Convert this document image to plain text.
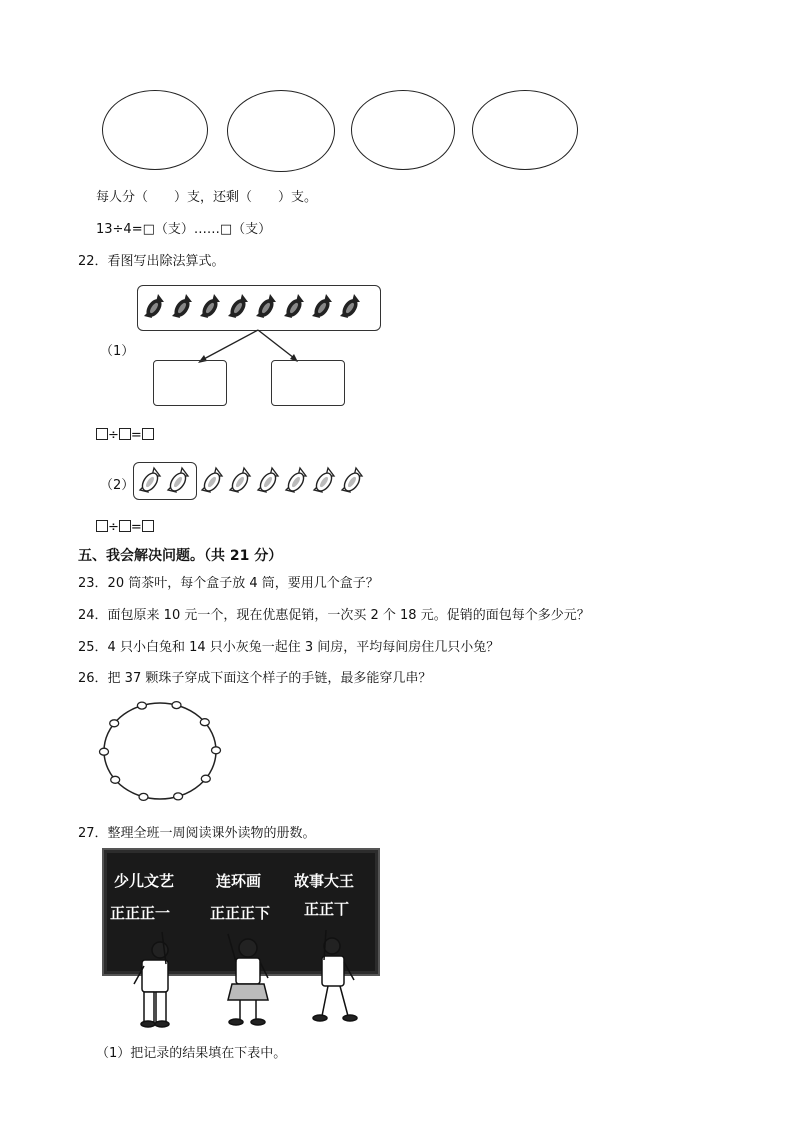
每人分（　　）支，还剩（　　）支。
13÷4=□（支）……□（支）
22．看图写出除法算式。
（1）
÷ =
（2）
÷ =
五、我会解决问题。（共 21 分）
23．20 筒茶叶，每个盒子放 4 筒，要用几个盒子？
24．面包原来 10 元一个，现在优惠促销，一次买 2 个 18 元。促销的面包每个多少元？
25．4 只小白兔和 14 只小灰兔一起住 3 间房，平均每间房住几只小兔？
26．把 37 颗珠子穿成下面这个样子的手链，最多能穿几串？
27．整理全班一周阅读课外读物的册数。
少儿文艺	连环画 故事大王
正正正一	正正正下 正正丅
（1）把记录的结果填在下表中。
